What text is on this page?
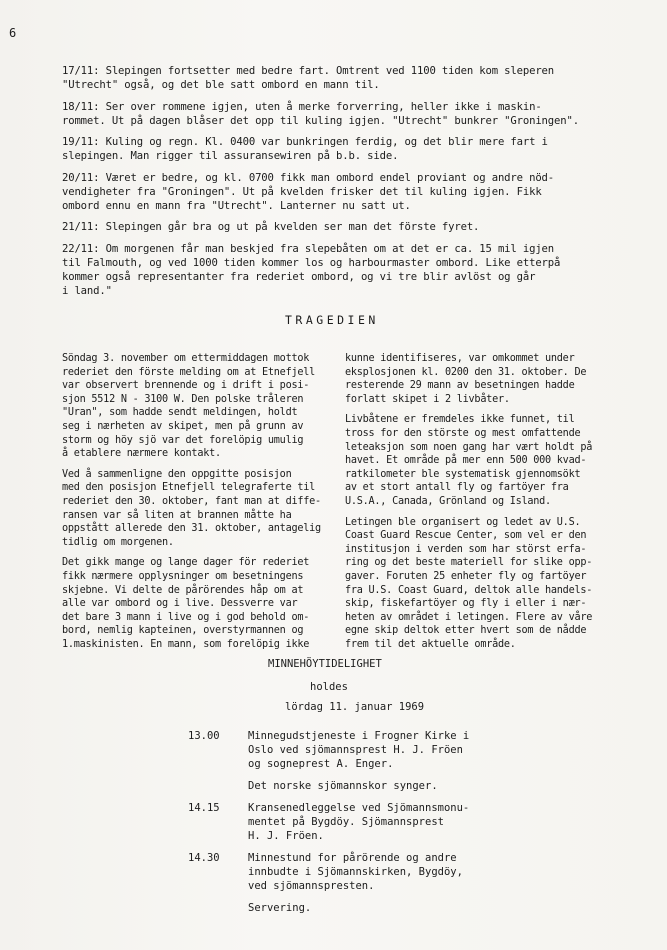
6

17/11: Slepingen fortsetter med bedre fart. Omtrent ved 1100 tiden kom sleperen
"Utrecht" også, og det ble satt ombord en mann til.

18/11: Ser over rommene igjen, uten å merke forverring, heller ikke i maskin-
rommet. Ut på dagen blåser det opp til kuling igjen. "Utrecht" bunkrer "Groningen".

19/11: Kuling og regn. Kl. 0400 var bunkringen ferdig, og det blir mere fart i
slepingen. Man rigger til assuransewiren på b.b. side.

20/11: Været er bedre, og kl. 0700 fikk man ombord endel proviant og andre nöd-
vendigheter fra "Groningen". Ut på kvelden frisker det til kuling igjen. Fikk
ombord ennu en mann fra "Utrecht". Lanterner nu satt ut.

21/11: Slepingen går bra og ut på kvelden ser man det förste fyret.

22/11: Om morgenen får man beskjed fra slepebåten om at det er ca. 15 mil igjen
til Falmouth, og ved 1000 tiden kommer los og harbourmaster ombord. Like etterpå
kommer også representanter fra rederiet ombord, og vi tre blir avlöst og går
i land."

TRAGEDIEN

Söndag 3. november om ettermiddagen mottok
rederiet den förste melding om at Etnefjell
var observert brennende og i drift i posi-
sjon 5512 N - 3100 W. Den polske tråleren
"Uran", som hadde sendt meldingen, holdt
seg i nærheten av skipet, men på grunn av
storm og höy sjö var det forelöpig umulig
å etablere nærmere kontakt.

Ved å sammenligne den oppgitte posisjon
med den posisjon Etnefjell telegraferte til
rederiet den 30. oktober, fant man at diffe-
ransen var så liten at brannen måtte ha
oppstått allerede den 31. oktober, antagelig
tidlig om morgenen.

Det gikk mange og lange dager för rederiet
fikk nærmere opplysninger om besetningens
skjebne. Vi delte de pårörendes håp om at
alle var ombord og i live. Dessverre var
det bare 3 mann i live og i god behold om-
bord, nemlig kapteinen, overstyrmannen og
1.maskinisten. En mann, som forelöpig ikke

kunne identifiseres, var omkommet under
eksplosjonen kl. 0200 den 31. oktober. De
resterende 29 mann av besetningen hadde
forlatt skipet i 2 livbåter.

Livbåtene er fremdeles ikke funnet, til
tross for den störste og mest omfattende
leteaksjon som noen gang har vært holdt på
havet. Et område på mer enn 500 000 kvad-
ratkilometer ble systematisk gjennomsökt
av et stort antall fly og fartöyer fra
U.S.A., Canada, Grönland og Island.

Letingen ble organisert og ledet av U.S.
Coast Guard Rescue Center, som vel er den
institusjon i verden som har störst erfa-
ring og det beste materiell for slike opp-
gaver. Foruten 25 enheter fly og fartöyer
fra U.S. Coast Guard, deltok alle handels-
skip, fiskefartöyer og fly i eller i nær-
heten av området i letingen. Flere av våre
egne skip deltok etter hvert som de nådde
frem til det aktuelle område.

MINNEHÖYTIDELIGHET
holdes
lördag 11. januar 1969
13.00	Minnegudstjeneste i Frogner Kirke i
Oslo ved sjömannsprest H. J. Fröen
og sogneprest A. Enger.
Det norske sjömannskor synger.
14.15	Kransenedleggelse ved Sjömannsmonu-
mentet på Bygdöy. Sjömannsprest
H. J. Fröen.
14.30	Minnestund for pårörende og andre
innbudte i Sjömannskirken, Bygdöy,
ved sjömannspresten.
Servering.
